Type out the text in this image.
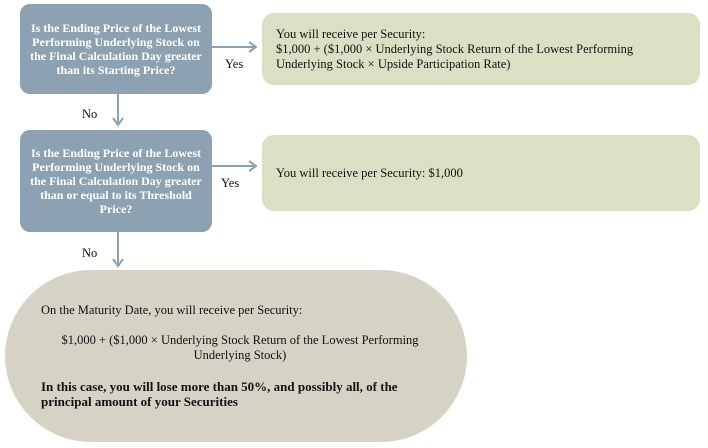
Is the Ending Price of the Lowest Performing Underlying Stock on the Final Calculation Day greater than its Starting Price?
You will receive per Security:
$1,000 + ($1,000 × Underlying Stock Return of the Lowest Performing Underlying Stock × Upside Participation Rate)
Yes
No
Is the Ending Price of the Lowest Performing Underlying Stock on the Final Calculation Day greater than or equal to its Threshold Price?
You will receive per Security: $1,000
Yes
No
On the Maturity Date, you will receive per Security:
$1,000 + ($1,000 × Underlying Stock Return of the Lowest Performing Underlying Stock)
In this case, you will lose more than 50%, and possibly all, of the principal amount of your Securities
